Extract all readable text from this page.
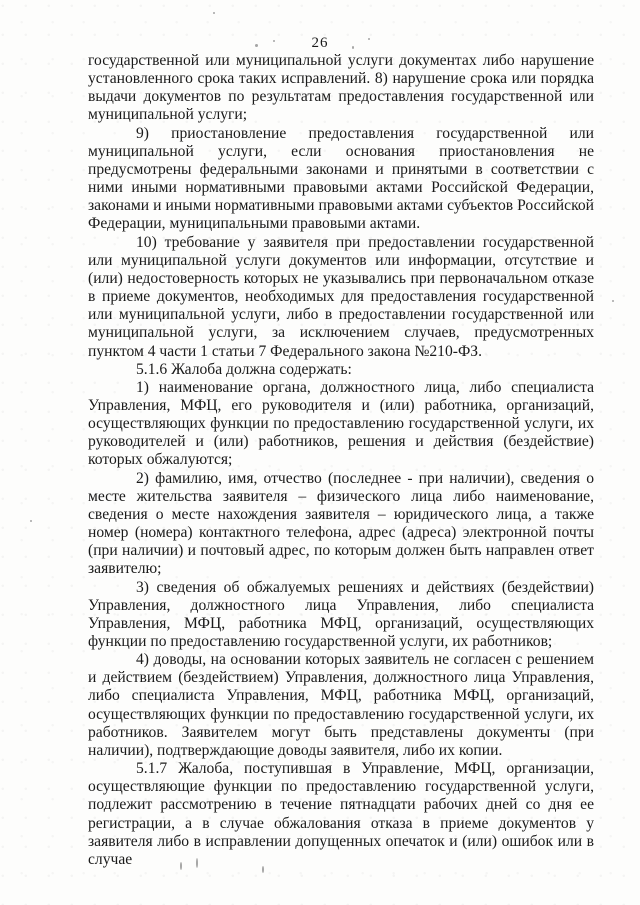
26

государственной или муниципальной услуги документах либо нарушение установленного срока таких исправлений. 8) нарушение срока или порядка выдачи документов по результатам предоставления государственной или муниципальной услуги;

9) приостановление предоставления государственной или муниципальной услуги, если основания приостановления не предусмотрены федеральными законами и принятыми в соответствии с ними иными нормативными правовыми актами Российской Федерации, законами и иными нормативными правовыми актами субъектов Российской Федерации, муниципальными правовыми актами.

10) требование у заявителя при предоставлении государственной или муниципальной услуги документов или информации, отсутствие и (или) недостоверность которых не указывались при первоначальном отказе в приеме документов, необходимых для предоставления государственной или муниципальной услуги, либо в предоставлении государственной или муниципальной услуги, за исключением случаев, предусмотренных пунктом 4 части 1 статьи 7 Федерального закона №210-ФЗ.

5.1.6 Жалоба должна содержать:

1) наименование органа, должностного лица, либо специалиста Управления, МФЦ, его руководителя и (или) работника, организаций, осуществляющих функции по предоставлению государственной услуги, их руководителей и (или) работников, решения и действия (бездействие) которых обжалуются;

2) фамилию, имя, отчество (последнее - при наличии), сведения о месте жительства заявителя – физического лица либо наименование, сведения о месте нахождения заявителя – юридического лица, а также номер (номера) контактного телефона, адрес (адреса) электронной почты (при наличии) и почтовый адрес, по которым должен быть направлен ответ заявителю;

3) сведения об обжалуемых решениях и действиях (бездействии) Управления, должностного лица Управления, либо специалиста Управления, МФЦ, работника МФЦ, организаций, осуществляющих функции по предоставлению государственной услуги, их работников;

4) доводы, на основании которых заявитель не согласен с решением и действием (бездействием) Управления, должностного лица Управления, либо специалиста Управления, МФЦ, работника МФЦ, организаций, осуществляющих функции по предоставлению государственной услуги, их работников. Заявителем могут быть представлены документы (при наличии), подтверждающие доводы заявителя, либо их копии.

5.1.7 Жалоба, поступившая в Управление, МФЦ, организации, осуществляющие функции по предоставлению государственной услуги, подлежит рассмотрению в течение пятнадцати рабочих дней со дня ее регистрации, а в случае обжалования отказа в приеме документов у заявителя либо в исправлении допущенных опечаток и (или) ошибок или в случае
